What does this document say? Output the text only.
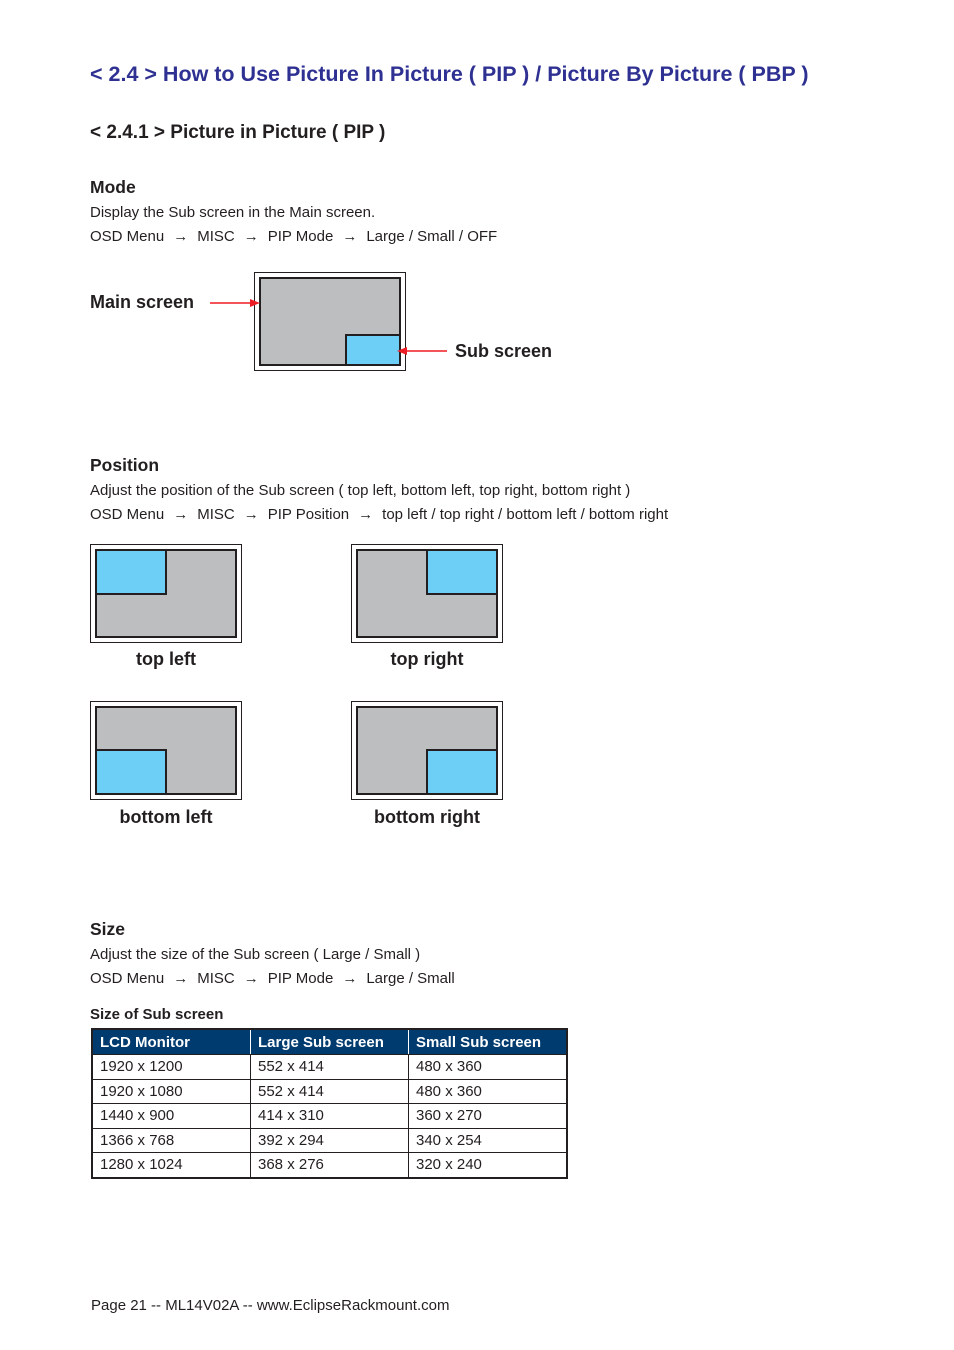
< 2.4 > How to Use Picture In Picture ( PIP ) / Picture By Picture ( PBP )
< 2.4.1 > Picture in Picture ( PIP )
Mode
Display the Sub screen in the Main screen.
OSD Menu → MISC → PIP Mode → Large / Small / OFF
Main screen
Sub screen
Position
Adjust the position of the Sub screen ( top left, bottom left, top right, bottom right )
OSD Menu → MISC → PIP Position → top left / top right / bottom left / bottom right
top left	top right
bottom left	bottom right
Size
Adjust the size of the Sub screen ( Large / Small )
OSD Menu → MISC → PIP Mode → Large / Small
Size of Sub screen
LCD Monitor	Large Sub screen	Small Sub screen
1920 x 1200	552 x 414	480 x 360
1920 x 1080	552 x 414	480 x 360
1440 x 900	414 x 310	360 x 270
1366 x 768	392 x 294	340 x 254
1280 x 1024	368 x 276	320 x 240
Page 21 -- ML14V02A -- www.EclipseRackmount.com
